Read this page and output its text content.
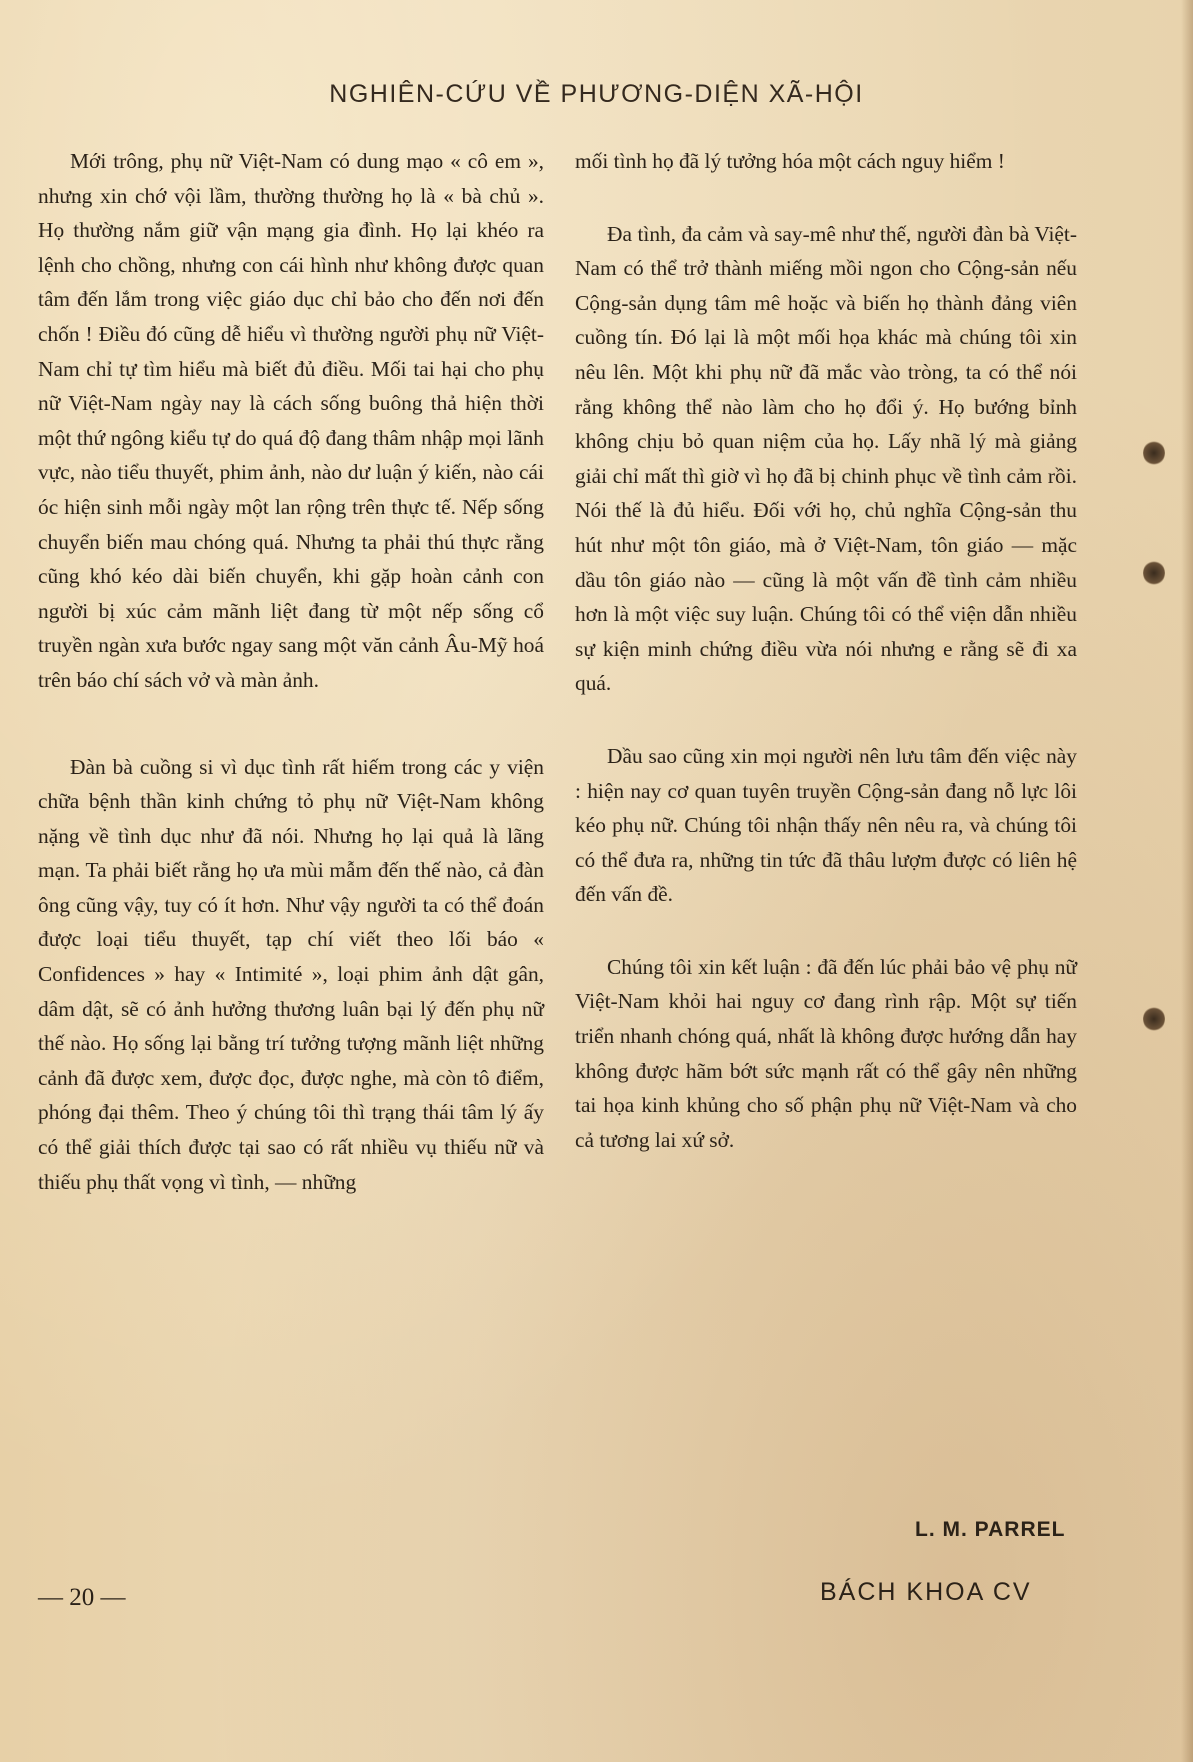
NGHIÊN-CỨU VỀ PHƯƠNG-DIỆN XÃ-HỘI

Mới trông, phụ nữ Việt-Nam có dung mạo « cô em », nhưng xin chớ vội lầm, thường thường họ là « bà chủ ». Họ thường nắm giữ vận mạng gia đình. Họ lại khéo ra lệnh cho chồng, nhưng con cái hình như không được quan tâm đến lắm trong việc giáo dục chỉ bảo cho đến nơi đến chốn ! Điều đó cũng dễ hiểu vì thường người phụ nữ Việt-Nam chỉ tự tìm hiểu mà biết đủ điều. Mối tai hại cho phụ nữ Việt-Nam ngày nay là cách sống buông thả hiện thời một thứ ngông kiểu tự do quá độ đang thâm nhập mọi lãnh vực, nào tiểu thuyết, phim ảnh, nào dư luận ý kiến, nào cái óc hiện sinh mỗi ngày một lan rộng trên thực tế. Nếp sống chuyển biến mau chóng quá. Nhưng ta phải thú thực rằng cũng khó kéo dài biến chuyển, khi gặp hoàn cảnh con người bị xúc cảm mãnh liệt đang từ một nếp sống cổ truyền ngàn xưa bước ngay sang một văn cảnh Âu-Mỹ hoá trên báo chí sách vở và màn ảnh.

Đàn bà cuồng si vì dục tình rất hiếm trong các y viện chữa bệnh thần kinh chứng tỏ phụ nữ Việt-Nam không nặng về tình dục như đã nói. Nhưng họ lại quả là lãng mạn. Ta phải biết rằng họ ưa mùi mẫm đến thế nào, cả đàn ông cũng vậy, tuy có ít hơn. Như vậy người ta có thể đoán được loại tiểu thuyết, tạp chí viết theo lối báo « Confidences » hay « Intimité », loại phim ảnh dật gân, dâm dật, sẽ có ảnh hưởng thương luân bại lý đến phụ nữ thế nào. Họ sống lại bằng trí tưởng tượng mãnh liệt những cảnh đã được xem, được đọc, được nghe, mà còn tô điểm, phóng đại thêm. Theo ý chúng tôi thì trạng thái tâm lý ấy có thể giải thích được tại sao có rất nhiều vụ thiếu nữ và thiếu phụ thất vọng vì tình, — những

mối tình họ đã lý tưởng hóa một cách nguy hiểm !

Đa tình, đa cảm và say-mê như thế, người đàn bà Việt-Nam có thể trở thành miếng mồi ngon cho Cộng-sản nếu Cộng-sản dụng tâm mê hoặc và biến họ thành đảng viên cuồng tín. Đó lại là một mối họa khác mà chúng tôi xin nêu lên. Một khi phụ nữ đã mắc vào tròng, ta có thể nói rằng không thể nào làm cho họ đổi ý. Họ bướng bỉnh không chịu bỏ quan niệm của họ. Lấy nhã lý mà giảng giải chỉ mất thì giờ vì họ đã bị chinh phục về tình cảm rồi. Nói thế là đủ hiểu. Đối với họ, chủ nghĩa Cộng-sản thu hút như một tôn giáo, mà ở Việt-Nam, tôn giáo — mặc dầu tôn giáo nào — cũng là một vấn đề tình cảm nhiều hơn là một việc suy luận. Chúng tôi có thể viện dẫn nhiều sự kiện minh chứng điều vừa nói nhưng e rằng sẽ đi xa quá.

Dầu sao cũng xin mọi người nên lưu tâm đến việc này : hiện nay cơ quan tuyên truyền Cộng-sản đang nỗ lực lôi kéo phụ nữ. Chúng tôi nhận thấy nên nêu ra, và chúng tôi có thể đưa ra, những tin tức đã thâu lượm được có liên hệ đến vấn đề.

Chúng tôi xin kết luận : đã đến lúc phải bảo vệ phụ nữ Việt-Nam khỏi hai nguy cơ đang rình rập. Một sự tiến triển nhanh chóng quá, nhất là không được hướng dẫn hay không được hãm bớt sức mạnh rất có thể gây nên những tai họa kinh khủng cho số phận phụ nữ Việt-Nam và cho cả tương lai xứ sở.

L. M. PARREL
— 20 —	BÁCH KHOA CV
